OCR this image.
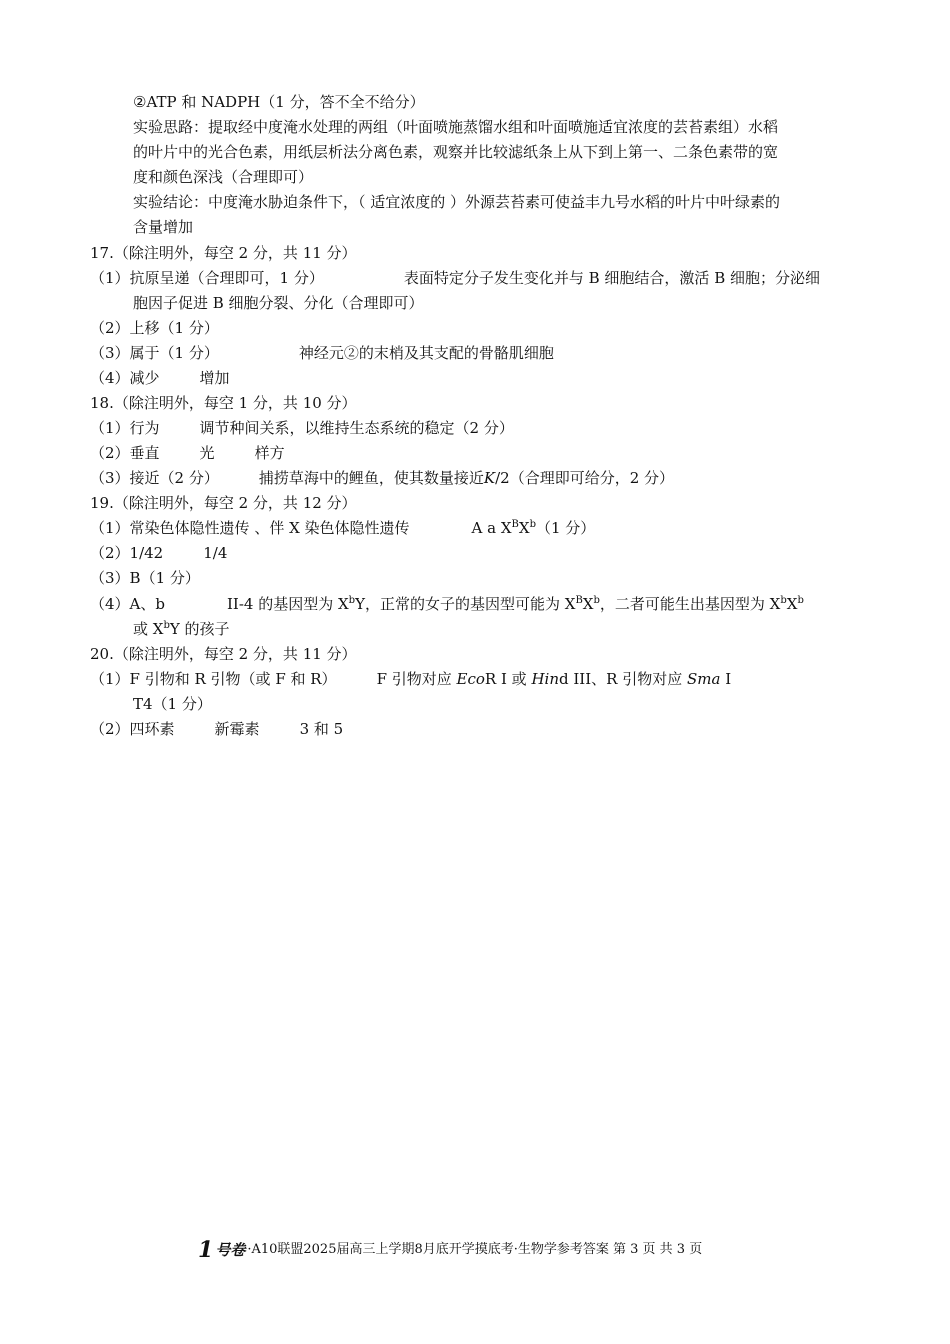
②ATP 和 NADPH（1 分，答不全不给分）
实验思路：提取经中度淹水处理的两组（叶面喷施蒸馏水组和叶面喷施适宜浓度的芸苔素组）水稻
的叶片中的光合色素，用纸层析法分离色素，观察并比较滤纸条上从下到上第一、二条色素带的宽
度和颜色深浅（合理即可）
实验结论：中度淹水胁迫条件下，（ 适宜浓度的 ）外源芸苔素可使益丰九号水稻的叶片中叶绿素的
含量增加
17.（除注明外，每空 2 分，共 11 分）
（1）抗原呈递（合理即可，1 分）	表面特定分子发生变化并与 B 细胞结合，激活 B 细胞；分泌细
胞因子促进 B 细胞分裂、分化（合理即可）
（2）上移（1 分）
（3）属于（1 分）	神经元②的末梢及其支配的骨骼肌细胞
（4）减少	增加
18.（除注明外，每空 1 分，共 10 分）
（1）行为	调节种间关系，以维持生态系统的稳定（2 分）
（2）垂直	光	样方
（3）接近（2 分）	捕捞草海中的鲤鱼，使其数量接近K/2（合理即可给分，2 分）
19.（除注明外，每空 2 分，共 12 分）
（1）常染色体隐性遗传 、伴 X 染色体隐性遗传	A a $X^BX^b(1$ 分）
（2）1/42	1/4
（3）B（1 分）
（4）A、b	II-4 的基因型为 $X^bY$，正常的女子的基因型可能为 $X^BX^b$，二者可能生出基因型为 $X^bX^b$
或 $X^bY$ 的孩子
20.（除注明外，每空 2 分，共 11 分）
（1）F 引物和 R 引物（或 F 和 R）	F 引物对应 EcoR I 或 Hind III、R 引物对应 Sma I
T4（1 分）
（2）四环素	新霉素	3 和 5
1 号卷 ·A10联盟2025届高三上学期8月底开学摸底考·生物学参考答案 第 3 页 共 3 页
